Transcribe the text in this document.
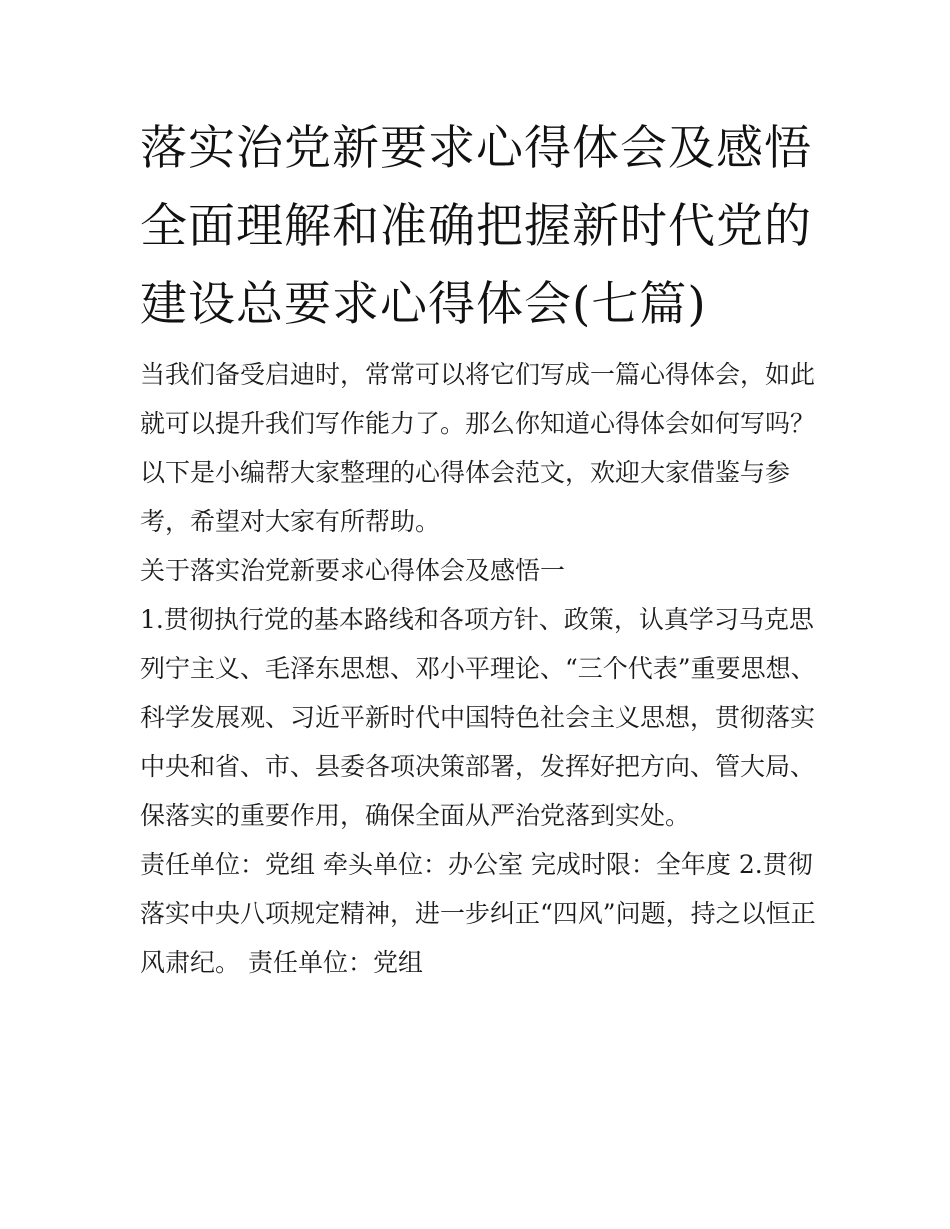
落实治党新要求心得体会及感悟 全面理解和准确把握新时代党的建设总要求心得体会(七篇)

当我们备受启迪时，常常可以将它们写成一篇心得体会，如此就可以提升我们写作能力了。那么你知道心得体会如何写吗？以下是小编帮大家整理的心得体会范文，欢迎大家借鉴与参考，希望对大家有所帮助。

关于落实治党新要求心得体会及感悟一

1.贯彻执行党的基本路线和各项方针、政策，认真学习马克思列宁主义、毛泽东思想、邓小平理论、“三个代表”重要思想、科学发展观、习近平新时代中国特色社会主义思想，贯彻落实中央和省、市、县委各项决策部署，发挥好把方向、管大局、保落实的重要作用，确保全面从严治党落到实处。

责任单位：党组 牵头单位：办公室 完成时限：全年度 2.贯彻落实中央八项规定精神，进一步纠正“四风”问题，持之以恒正风肃纪。 责任单位：党组
